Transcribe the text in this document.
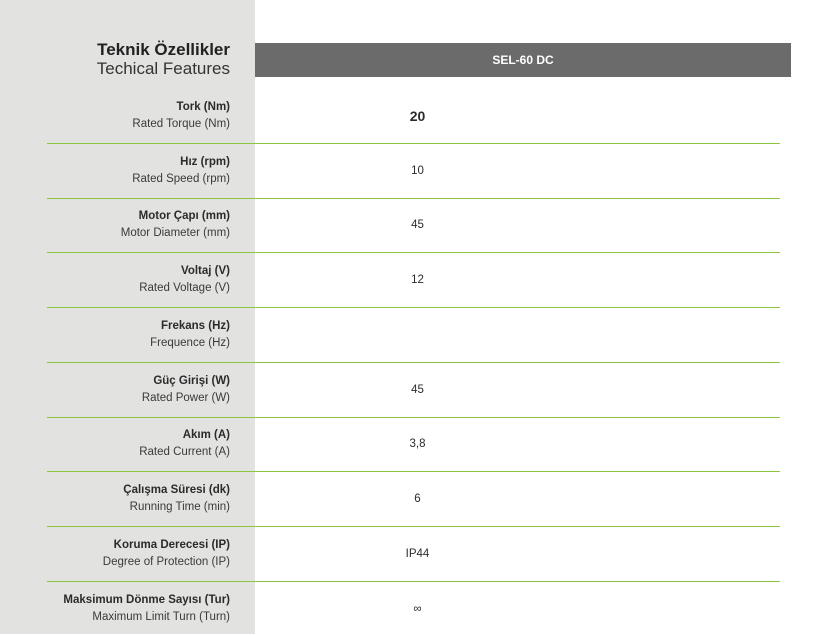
Teknik Özellikler
Techical Features	SEL-60 DC
Tork (Nm)
Rated Torque (Nm)	20
Hız (rpm)
Rated Speed (rpm)
10
Motor Çapı (mm)
Motor Diameter (mm)
45
Voltaj (V)
Rated Voltage (V)
12
Frekans (Hz)
Frequence (Hz)
Güç Girişi (W)
Rated Power (W)
45
Akım (A)
Rated Current (A)
3,8
Çalışma Süresi (dk)
Running Time (min)
6
Koruma Derecesi (IP)
Degree of Protection (IP)
IP44
Maksimum Dönme Sayısı (Tur)
Maximum Limit Turn (Turn)
∞
